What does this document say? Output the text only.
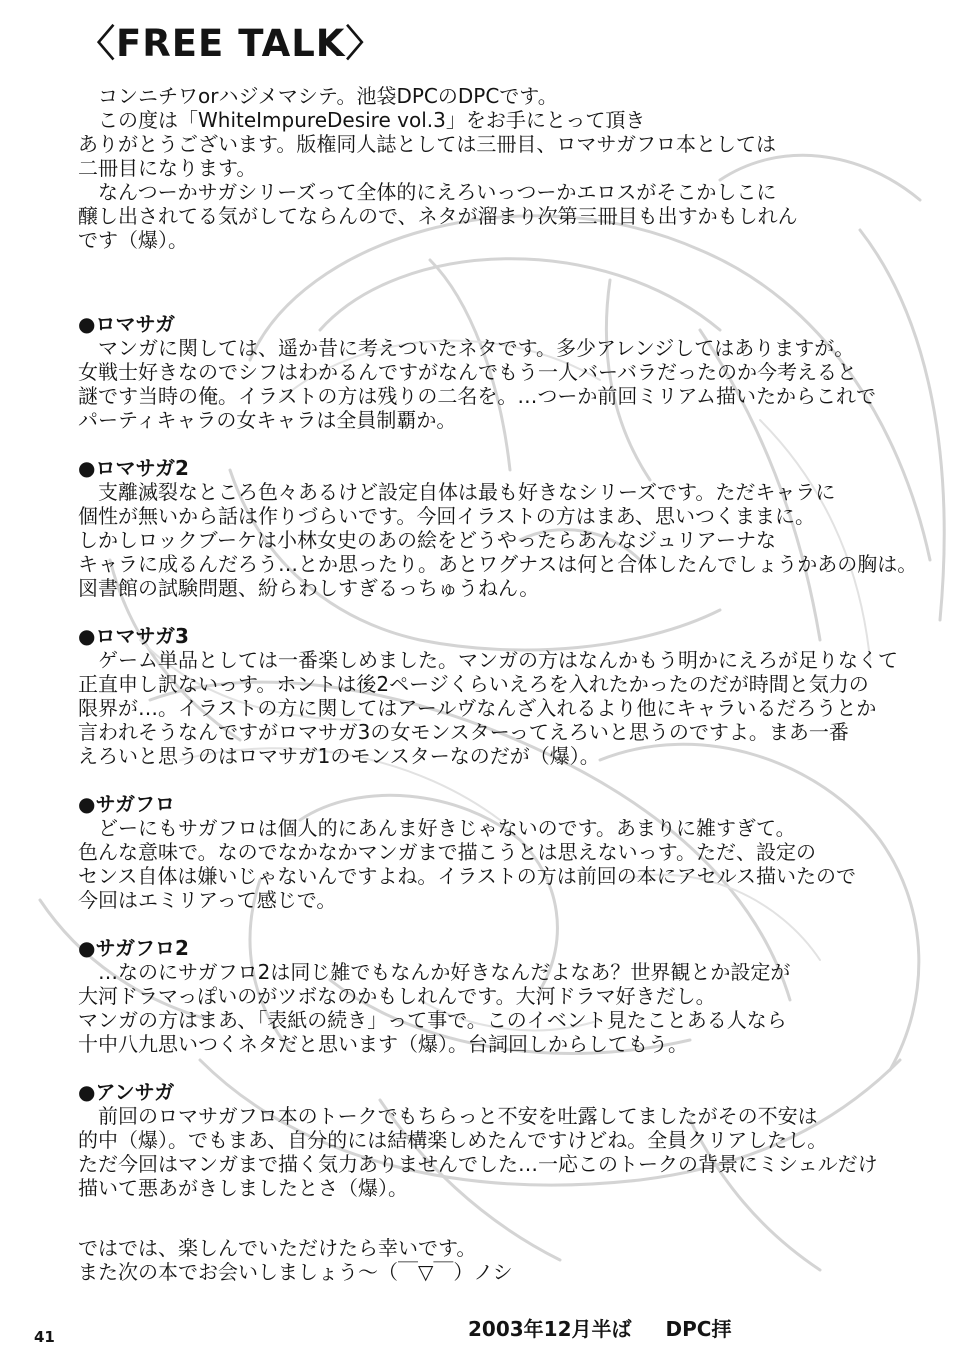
〈FREE TALK〉

　コンニチワorハジメマシテ。池袋DPCのDPCです。

　この度は「WhiteImpureDesire vol.3」をお手にとって頂き

ありがとうございます。版権同人誌としては三冊目、ロマサガフロ本としては

二冊目になります。

　なんつーかサガシリーズって全体的にえろいっつーかエロスがそこかしこに

醸し出されてる気がしてならんので、ネタが溜まり次第三冊目も出すかもしれん

です（爆）。

●ロマサガ

　マンガに関しては、遥か昔に考えついたネタです。多少アレンジしてはありますが。

女戦士好きなのでシフはわかるんですがなんでもう一人バーバラだったのか今考えると

謎です当時の俺。イラストの方は残りの二名を。…つーか前回ミリアム描いたからこれで

パーティキャラの女キャラは全員制覇か。

●ロマサガ2

　支離滅裂なところ色々あるけど設定自体は最も好きなシリーズです。ただキャラに

個性が無いから話は作りづらいです。今回イラストの方はまあ、思いつくままに。

しかしロックブーケは小林女史のあの絵をどうやったらあんなジュリアーナな

キャラに成るんだろう…とか思ったり。あとワグナスは何と合体したんでしょうかあの胸は。

図書館の試験問題、紛らわしすぎるっちゅうねん。

●ロマサガ3

　ゲーム単品としては一番楽しめました。マンガの方はなんかもう明かにえろが足りなくて

正直申し訳ないっす。ホントは後2ページくらいえろを入れたかったのだが時間と気力の

限界が…。イラストの方に関してはアールヴなんざ入れるより他にキャラいるだろうとか

言われそうなんですがロマサガ3の女モンスターってえろいと思うのですよ。まあ一番

えろいと思うのはロマサガ1のモンスターなのだが（爆）。

●サガフロ

　どーにもサガフロは個人的にあんま好きじゃないのです。あまりに雑すぎて。

色んな意味で。なのでなかなかマンガまで描こうとは思えないっす。ただ、設定の

センス自体は嫌いじゃないんですよね。イラストの方は前回の本にアセルス描いたので

今回はエミリアって感じで。

●サガフロ2

　…なのにサガフロ2は同じ雑でもなんか好きなんだよなあ？世界観とか設定が

大河ドラマっぽいのがツボなのかもしれんです。大河ドラマ好きだし。

マンガの方はまあ、「表紙の続き」って事で。このイベント見たことある人なら

十中八九思いつくネタだと思います（爆）。台詞回しからしてもう。

●アンサガ

　前回のロマサガフロ本のトークでもちらっと不安を吐露してましたがその不安は

的中（爆）。でもまあ、自分的には結構楽しめたんですけどね。全員クリアしたし。

ただ今回はマンガまで描く気力ありませんでした…一応このトークの背景にミシェルだけ

描いて悪あがきしましたとさ（爆）。

ではでは、楽しんでいただけたら幸いです。

また次の本でお会いしましょう～（￣▽￣）ノシ

2003年12月半ば DPC拝
41
